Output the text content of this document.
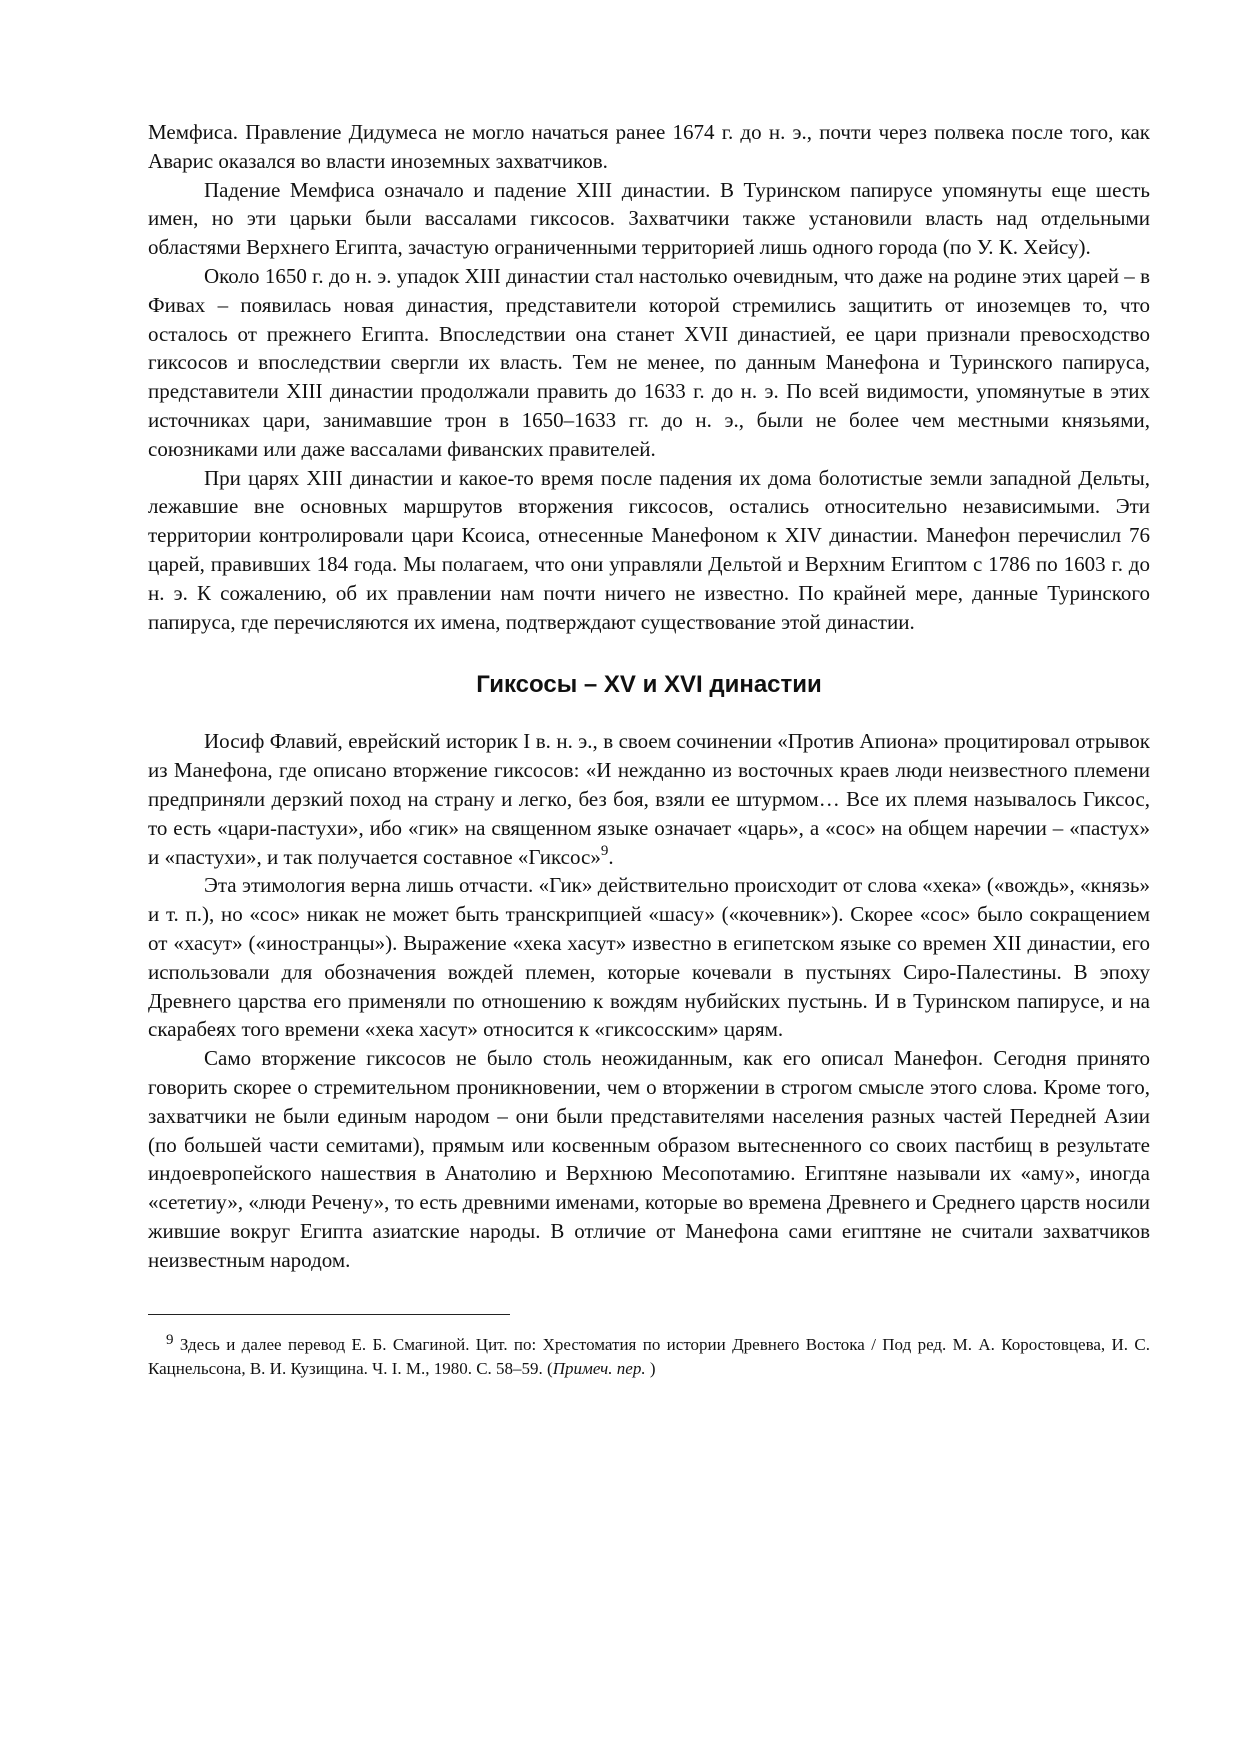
Мемфиса. Правление Дидумеса не могло начаться ранее 1674 г. до н. э., почти через полвека после того, как Аварис оказался во власти иноземных захватчиков.

Падение Мемфиса означало и падение XIII династии. В Туринском папирусе упомянуты еще шесть имен, но эти царьки были вассалами гиксосов. Захватчики также установили власть над отдельными областями Верхнего Египта, зачастую ограниченными территорией лишь одного города (по У. К. Хейсу).

Около 1650 г. до н. э. упадок XIII династии стал настолько очевидным, что даже на родине этих царей – в Фивах – появилась новая династия, представители которой стремились защитить от иноземцев то, что осталось от прежнего Египта. Впоследствии она станет XVII династией, ее цари признали превосходство гиксосов и впоследствии свергли их власть. Тем не менее, по данным Манефона и Туринского папируса, представители XIII династии продолжали править до 1633 г. до н. э. По всей видимости, упомянутые в этих источниках цари, занимавшие трон в 1650–1633 гг. до н. э., были не более чем местными князьями, союзниками или даже вассалами фиванских правителей.

При царях XIII династии и какое-то время после падения их дома болотистые земли западной Дельты, лежавшие вне основных маршрутов вторжения гиксосов, остались относительно независимыми. Эти территории контролировали цари Ксоиса, отнесенные Манефоном к XIV династии. Манефон перечислил 76 царей, правивших 184 года. Мы полагаем, что они управляли Дельтой и Верхним Египтом с 1786 по 1603 г. до н. э. К сожалению, об их правлении нам почти ничего не известно. По крайней мере, данные Туринского папируса, где перечисляются их имена, подтверждают существование этой династии.

Гиксосы – XV и XVI династии

Иосиф Флавий, еврейский историк I в. н. э., в своем сочинении «Против Апиона» процитировал отрывок из Манефона, где описано вторжение гиксосов: «И нежданно из восточных краев люди неизвестного племени предприняли дерзкий поход на страну и легко, без боя, взяли ее штурмом… Все их племя называлось Гиксос, то есть «цари-пастухи», ибо «гик» на священном языке означает «царь», а «сос» на общем наречии – «пастух» и «пастухи», и так получается составное «Гиксос»$^9$.

Эта этимология верна лишь отчасти. «Гик» действительно происходит от слова «хека» («вождь», «князь» и т. п.), но «сос» никак не может быть транскрипцией «шасу» («кочевник»). Скорее «сос» было сокращением от «хасут» («иностранцы»). Выражение «хека хасут» известно в египетском языке со времен XII династии, его использовали для обозначения вождей племен, которые кочевали в пустынях Сиро-Палестины. В эпоху Древнего царства его применяли по отношению к вождям нубийских пустынь. И в Туринском папирусе, и на скарабеях того времени «хека хасут» относится к «гиксосским» царям.

Само вторжение гиксосов не было столь неожиданным, как его описал Манефон. Сегодня принято говорить скорее о стремительном проникновении, чем о вторжении в строгом смысле этого слова. Кроме того, захватчики не были единым народом – они были представителями населения разных частей Передней Азии (по большей части семитами), прямым или косвенным образом вытесненного со своих пастбищ в результате индоевропейского нашествия в Анатолию и Верхнюю Месопотамию. Египтяне называли их «аму», иногда «сететиу», «люди Речену», то есть древними именами, которые во времена Древнего и Среднего царств носили жившие вокруг Египта азиатские народы. В отличие от Манефона сами египтяне не считали захватчиков неизвестным народом.

$^9$ Здесь и далее перевод Е. Б. Смагиной. Цит. по: Хрестоматия по истории Древнего Востока / Под ред. М. А. Коростовцева, И. С. Кацнельсона, В. И. Кузищина. Ч. I. М., 1980. С. 58–59. (Примеч. пер. )
